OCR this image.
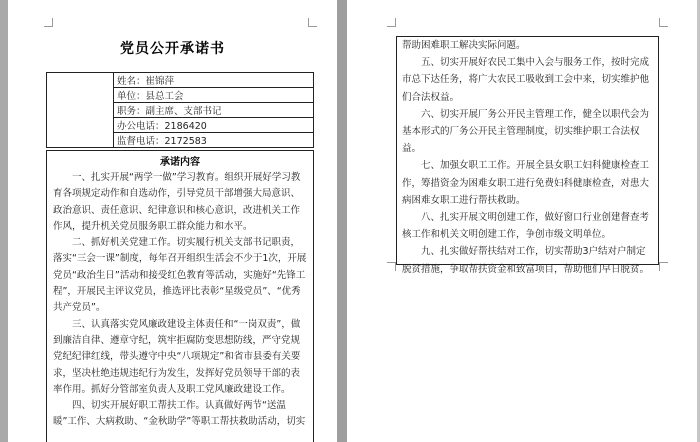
党员公开承诺书
	姓名：崔锦萍
单位：县总工会
职务：副主席、支部书记
办公电话：2186420
监督电话：2172583
承诺内容

一、扎实开展“两学一做”学习教育。组织开展好学习教育各项规定动作和自选动作，引导党员干部增强大局意识、政治意识、责任意识、纪律意识和核心意识，改进机关工作作风，提升机关党员服务职工群众能力和水平。

二、抓好机关党建工作。切实履行机关支部书记职责，落实“三会一课”制度，每年召开组织生活会不少于1次，开展党员“政治生日”活动和接受红色教育等活动，实施好“先锋工程”，开展民主评议党员，推选评比表彰“星级党员”、“优秀共产党员”。

三、认真落实党风廉政建设主体责任和“一岗双责”，做到廉洁自律、遵章守纪，筑牢拒腐防变思想防线，严守党规党纪纪律红线，带头遵守中央“八项规定”和省市县委有关要求，坚决杜绝违规违纪行为发生，发挥好党员领导干部的表率作用。抓好分管部室负责人及职工党风廉政建设工作。

四、切实开展好职工帮扶工作。认真做好两节“送温暖”工作、大病救助、“金秋助学”等职工帮扶救助活动，切实

帮助困难职工解决实际问题。

五、切实开展好农民工集中入会与服务工作，按时完成市总下达任务，将广大农民工吸收到工会中来，切实维护他们合法权益。

六、切实开展厂务公开民主管理工作，健全以职代会为基本形式的厂务公开民主管理制度，切实维护职工合法权益。

七、加强女职工工作。开展全县女职工妇科健康检查工作，筹措资金为困难女职工进行免费妇科健康检查，对患大病困难女职工进行帮扶救助。

八、扎实开展文明创建工作，做好窗口行业创建督查考核工作和机关文明创建工作，争创市级文明单位。

九、扎实做好帮扶结对工作，切实帮助3户结对户制定脱贫措施，争取帮扶资金和致富项目，帮助他们早日脱贫。
